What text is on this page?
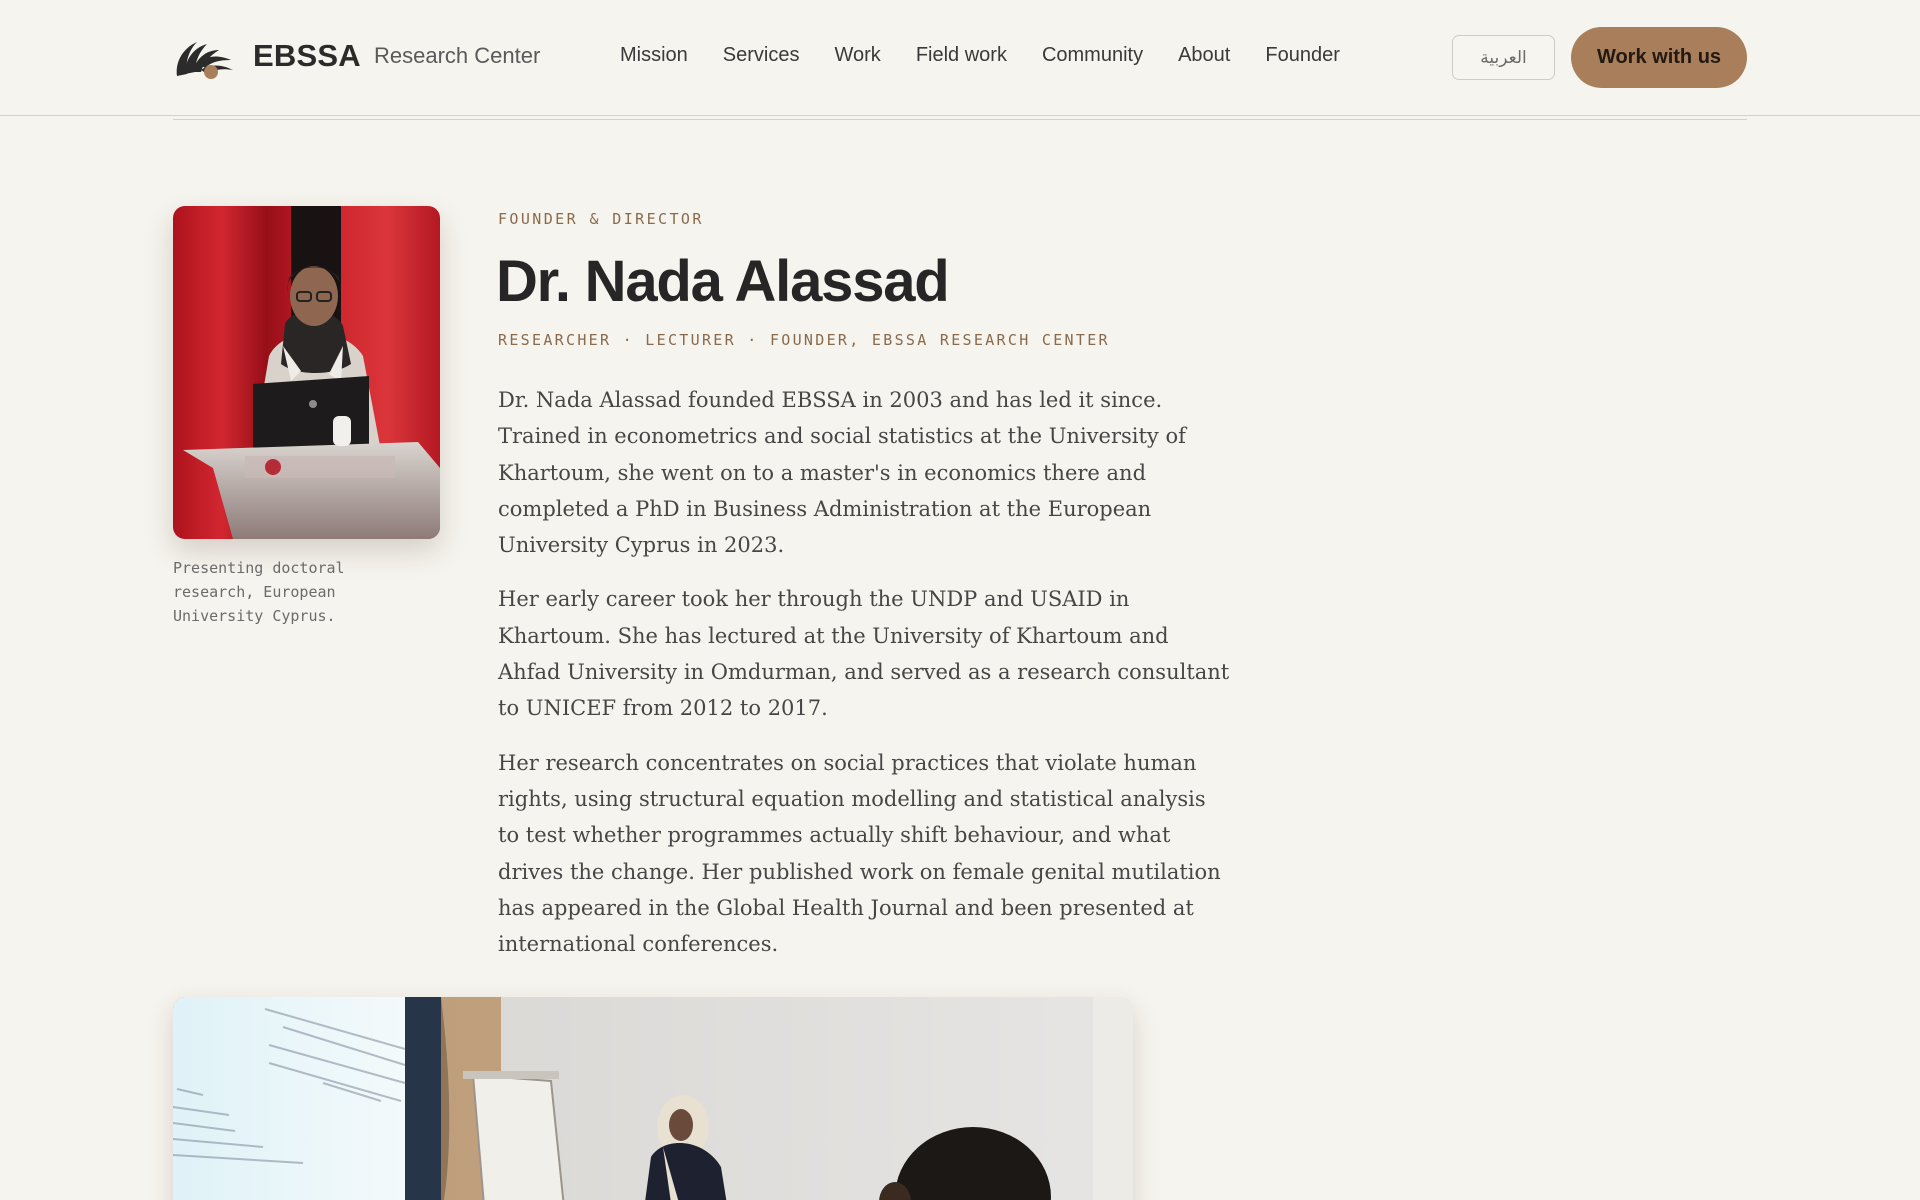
EBSSA Research Center	Mission Services Work Field work Community About Founder	العربية	Work with us
Presenting doctoral research, European University Cyprus.
FOUNDER & DIRECTOR
Dr. Nada Alassad
RESEARCHER · LECTURER · FOUNDER, EBSSA RESEARCH CENTER

Dr. Nada Alassad founded EBSSA in 2003 and has led it since. Trained in econometrics and social statistics at the University of Khartoum, she went on to a master's in economics there and completed a PhD in Business Administration at the European University Cyprus in 2023.

Her early career took her through the UNDP and USAID in Khartoum. She has lectured at the University of Khartoum and Ahfad University in Omdurman, and served as a research consultant to UNICEF from 2012 to 2017.

Her research concentrates on social practices that violate human rights, using structural equation modelling and statistical analysis to test whether programmes actually shift behaviour, and what drives the change. Her published work on female genital mutilation has appeared in the Global Health Journal and been presented at international conferences.
